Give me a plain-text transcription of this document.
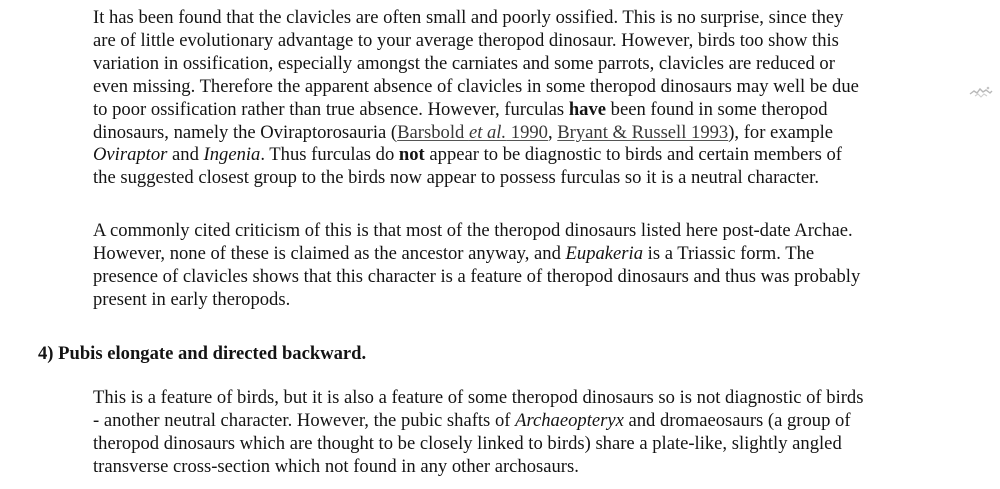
It has been found that the clavicles are often small and poorly ossified. This is no surprise, since they
are of little evolutionary advantage to your average theropod dinosaur. However, birds too show this
variation in ossification, especially amongst the carniates and some parrots, clavicles are reduced or
even missing. Therefore the apparent absence of clavicles in some theropod dinosaurs may well be due
to poor ossification rather than true absence. However, furculas have been found in some theropod
dinosaurs, namely the Oviraptorosauria (Barsbold et al. 1990, Bryant & Russell 1993), for example
Oviraptor and Ingenia. Thus furculas do not appear to be diagnostic to birds and certain members of
the suggested closest group to the birds now appear to possess furculas so it is a neutral character.

A commonly cited criticism of this is that most of the theropod dinosaurs listed here post-date Archae.
However, none of these is claimed as the ancestor anyway, and Eupakeria is a Triassic form. The
presence of clavicles shows that this character is a feature of theropod dinosaurs and thus was probably
present in early theropods.

4) Pubis elongate and directed backward.

This is a feature of birds, but it is also a feature of some theropod dinosaurs so is not diagnostic of birds
- another neutral character. However, the pubic shafts of Archaeopteryx and dromaeosaurs (a group of
theropod dinosaurs which are thought to be closely linked to birds) share a plate-like, slightly angled
transverse cross-section which not found in any other archosaurs.
